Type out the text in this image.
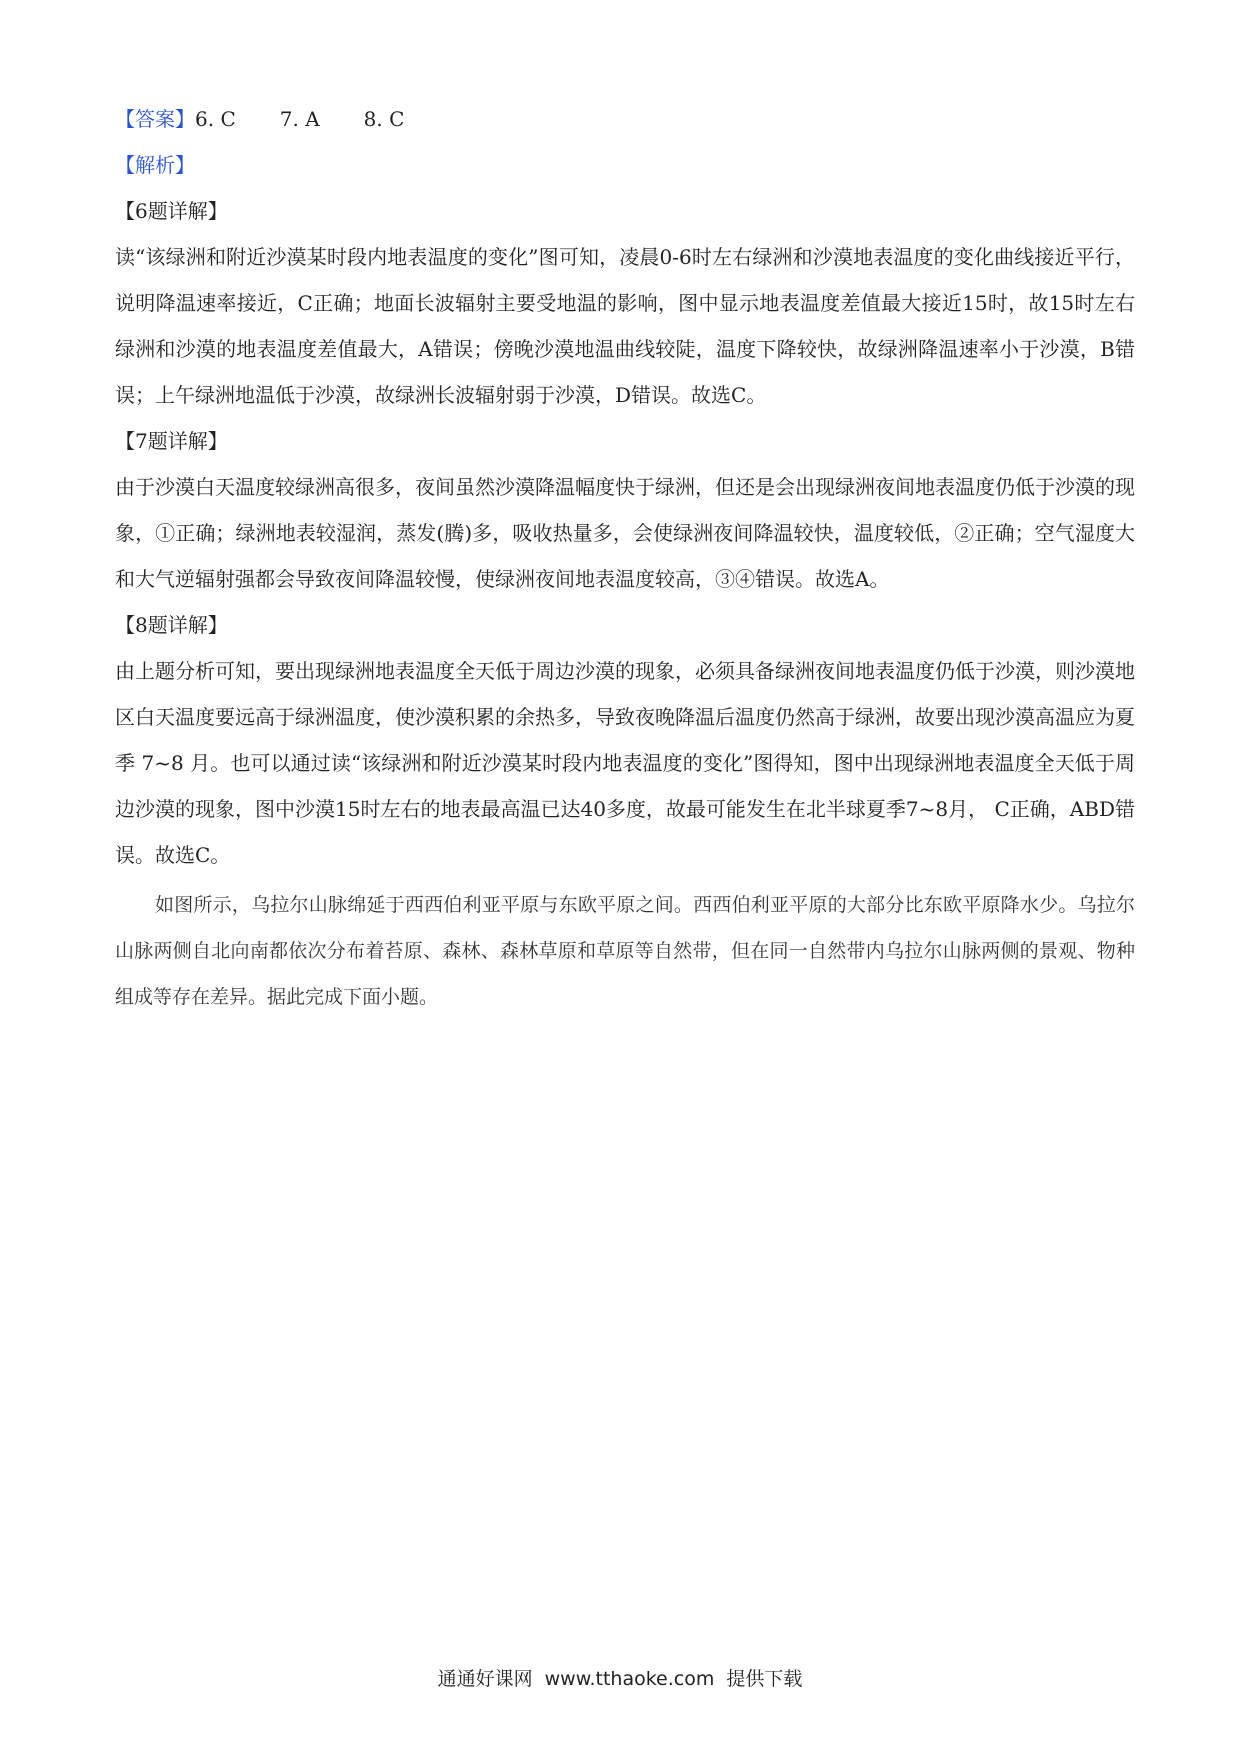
【答案】6. C 7. A 8. C

【解析】

【6题详解】

读“该绿洲和附近沙漠某时段内地表温度的变化”图可知，凌晨0-6时左右绿洲和沙漠地表温度的变化曲线接近平行，说明降温速率接近，C正确；地面长波辐射主要受地温的影响，图中显示地表温度差值最大接近15时，故15时左右绿洲和沙漠的地表温度差值最大，A错误；傍晚沙漠地温曲线较陡，温度下降较快，故绿洲降温速率小于沙漠，B错误；上午绿洲地温低于沙漠，故绿洲长波辐射弱于沙漠，D错误。故选C。

【7题详解】

由于沙漠白天温度较绿洲高很多，夜间虽然沙漠降温幅度快于绿洲，但还是会出现绿洲夜间地表温度仍低于沙漠的现象，①正确；绿洲地表较湿润，蒸发(腾)多，吸收热量多，会使绿洲夜间降温较快，温度较低，②正确；空气湿度大和大气逆辐射强都会导致夜间降温较慢，使绿洲夜间地表温度较高，③④错误。故选A。

【8题详解】

由上题分析可知，要出现绿洲地表温度全天低于周边沙漠的现象，必须具备绿洲夜间地表温度仍低于沙漠，则沙漠地区白天温度要远高于绿洲温度，使沙漠积累的余热多，导致夜晚降温后温度仍然高于绿洲，故要出现沙漠高温应为夏季 7~8 月。也可以通过读“该绿洲和附近沙漠某时段内地表温度的变化”图得知，图中出现绿洲地表温度全天低于周边沙漠的现象，图中沙漠15时左右的地表最高温已达40多度，故最可能发生在北半球夏季7~8月， C正确，ABD错误。故选C。

如图所示，乌拉尔山脉绵延于西西伯利亚平原与东欧平原之间。西西伯利亚平原的大部分比东欧平原降水少。乌拉尔山脉两侧自北向南都依次分布着苔原、森林、森林草原和草原等自然带，但在同一自然带内乌拉尔山脉两侧的景观、物种组成等存在差异。据此完成下面小题。

通通好课网 www.tthaoke.com 提供下载
